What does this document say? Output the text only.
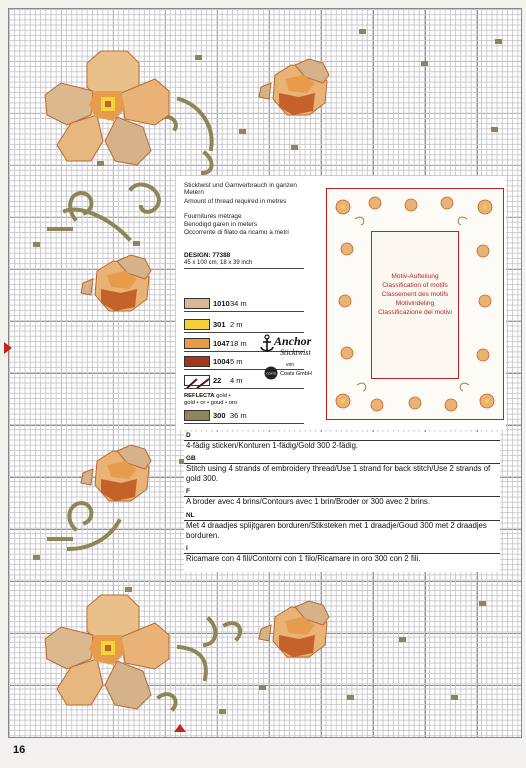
Sticktwist und Garnverbrauch in ganzen Metern
Amount of thread required in metres
Fournitures métrage
Benodigd garen in meters
Occorrente di filato da ricamo a metri
DESIGN: 77388
45 x 100 cm, 18 x 39 inch
1010 34 m
301 2 m
1047 18 m
1004 5 m
22 4 m
REFLECTA gold •
gold • or • goud • oro
300 36 m
Anchor
Sticktwist
von
COATS Coats GmbH
Motiv-Aufteilung
Classification of motifs
Classement des motifs
Motivindeling
Classificazione dei motivi
D
4-fädig sticken/Konturen 1-fädig/Gold 300 2-fädig.
GB
Stitch using 4 strands of embroidery thread/Use 1 strand for back stitch/Use 2 strands of gold 300.
F
A broder avec 4 brins/Contours avec 1 brin/Broder or 300 avec 2 brins.
NL
Met 4 draadjes splijtgaren borduren/Stiksteken met 1 draadje/Goud 300 met 2 draadjes borduren.
I
Ricamare con 4 fili/Contorni con 1 filo/Ricamare in oro 300 con 2 fili.
16
